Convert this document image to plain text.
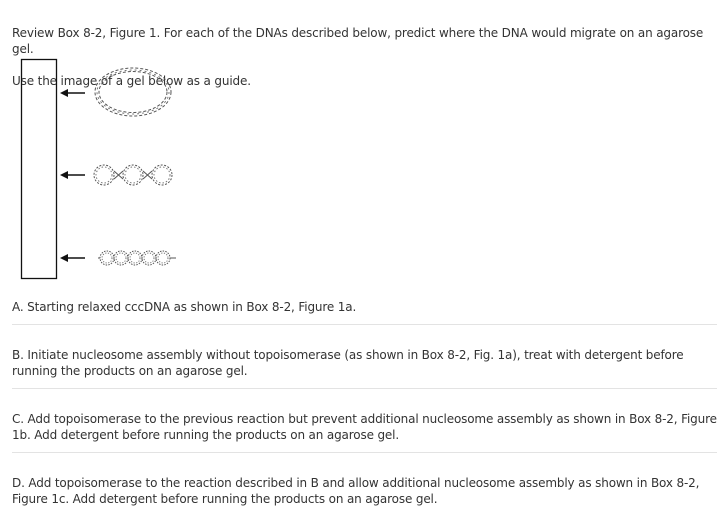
Review Box 8-2, Figure 1. For each of the DNAs described below, predict where the DNA would migrate on an agarose gel.

Use the image of a gel below as a guide.

A. Starting relaxed cccDNA as shown in Box 8-2, Figure 1a.
B. Initiate nucleosome assembly without topoisomerase (as shown in Box 8-2, Fig. 1a), treat with detergent before running the products on an agarose gel.
C. Add topoisomerase to the previous reaction but prevent additional nucleosome assembly as shown in Box 8-2, Figure 1b. Add detergent before running the products on an agarose gel.
D. Add topoisomerase to the reaction described in B and allow additional nucleosome assembly as shown in Box 8-2, Figure 1c. Add detergent before running the products on an agarose gel.
